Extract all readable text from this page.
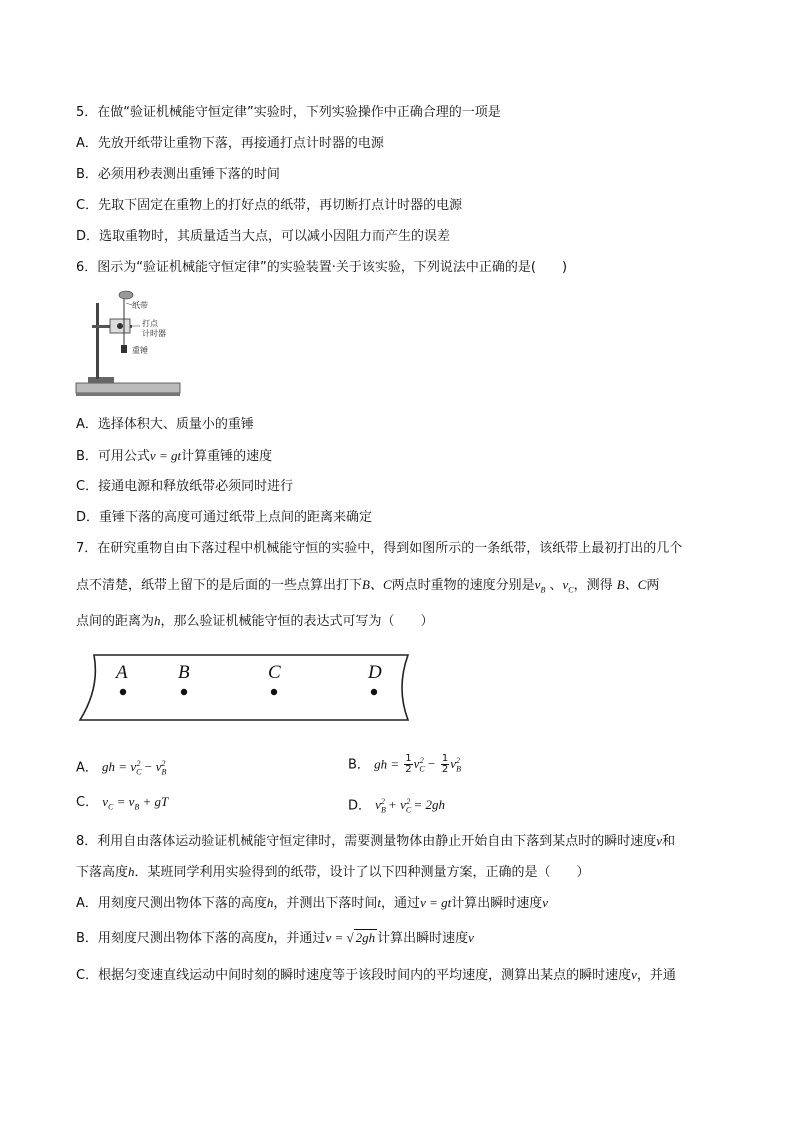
5．在做“验证机械能守恒定律”实验时，下列实验操作中正确合理的一项是
A．先放开纸带让重物下落，再接通打点计时器的电源
B．必须用秒表测出重锤下落的时间
C．先取下固定在重物上的打好点的纸带，再切断打点计时器的电源
D．选取重物时，其质量适当大点，可以减小因阻力而产生的误差
6．图示为“验证机械能守恒定律”的实验装置·关于该实验，下列说法中正确的是(　　)
纸带
打点
计时器
重锤
A．选择体积大、质量小的重锤
B．可用公式v = gt计算重锤的速度
C．接通电源和释放纸带必须同时进行
D．重锤下落的高度可通过纸带上点间的距离来确定
7．在研究重物自由下落过程中机械能守恒的实验中，得到如图所示的一条纸带，该纸带上最初打出的几个
点不清楚，纸带上留下的是后面的一些点算出打下B、C两点时重物的速度分别是$v_B$ 、$v_C$，测得 B、C两
点间的距离为h，那么验证机械能守恒的表达式可写为（　　）
A	B	C	D
A． gh = $v_C^2 - v_B^2$	B． gh = $\frac{1}{2} v_C^2 - \frac{1}{2} v_B^2$
C． $v_C = v_B$ + gT	D． $v_B^2 + v_C^2 = 2gh$
8．利用自由落体运动验证机械能守恒定律时，需要测量物体由静止开始自由下落到某点时的瞬时速度v和
下落高度h．某班同学利用实验得到的纸带，设计了以下四种测量方案，正确的是（　　）
A．用刻度尺测出物体下落的高度h，并测出下落时间t，通过v = gt计算出瞬时速度v
B．用刻度尺测出物体下落的高度h，并通过v = √ 2gh 计算出瞬时速度v
C．根据匀变速直线运动中间时刻的瞬时速度等于该段时间内的平均速度，测算出某点的瞬时速度v，并通
